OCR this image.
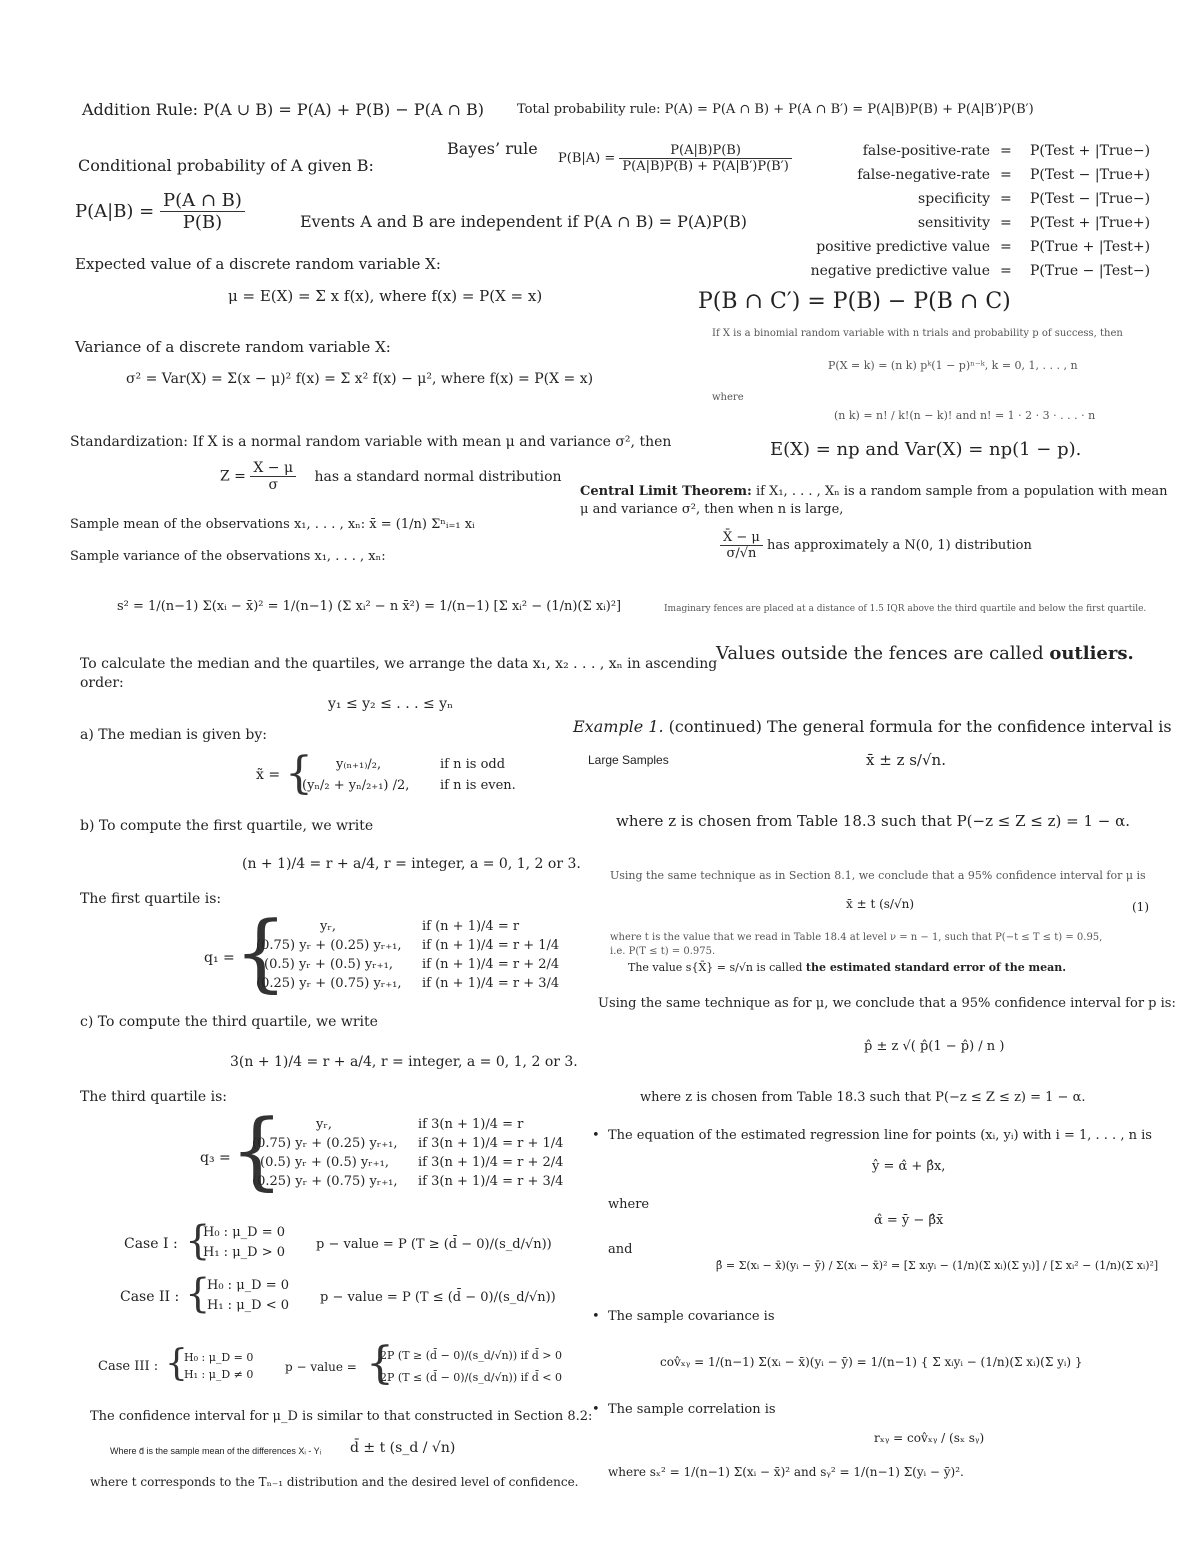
Addition Rule: P(A ∪ B) = P(A) + P(B) − P(A ∩ B)	Total probability rule: P(A) = P(A ∩ B) + P(A ∩ B′) = P(A|B)P(B) + P(A|B′)P(B′)
Bayes’ rule
$P(B|A) = \frac{P(A|B)P(B)}{P(A|B)P(B) + P(A|B')P(B')}$
Conditional probability of A given B:
$P(A|B) = \frac{P(A \cap B)}{P(B)}$	Events A and B are independent if P(A ∩ B) = P(A)P(B)
false-positive-rate = P(Test + |True−)
false-negative-rate = P(Test − |True+)
specificity = P(Test − |True−)
sensitivity = P(Test + |True+)
positive predictive value = P(True + |Test+)
negative predictive value = P(True − |Test−)
Expected value of a discrete random variable X:
μ = E(X) = Σ x f(x), where f(x) = P(X = x)	P(B ∩ C′) = P(B) − P(B ∩ C)
Variance of a discrete random variable X:
σ² = Var(X) = Σ(x − μ)² f(x) = Σ x² f(x) − μ², where f(x) = P(X = x)
If X is a binomial random variable with n trials and probability p of success, then
P(X = k) = (n k) pᵏ(1 − p)ⁿ⁻ᵏ, k = 0, 1, . . . , n
where
(n k) = n! / k!(n − k)! and n! = 1 · 2 · 3 · . . . · n
E(X) = np and Var(X) = np(1 − p).
Standardization: If X is a normal random variable with mean μ and variance σ², then
$Z = \frac{X - \mu}{\sigma}$ has a standard normal distribution
Central Limit Theorem: if X₁, . . . , Xₙ is a random sample from a population with mean
μ and variance σ², then when n is large,
$\frac{X̄ - \mu}{\sigma/√n}$ has approximately a N(0, 1) distribution
Sample mean of the observations x₁, . . . , xₙ: x̄ = (1/n) Σⁿᵢ₌₁ xᵢ
Sample variance of the observations x₁, . . . , xₙ:
s² = 1/(n−1) Σ(xᵢ − x̄)² = 1/(n−1) (Σ xᵢ² − n x̄²) = 1/(n−1) [Σ xᵢ² − (1/n)(Σ xᵢ)²]	Imaginary fences are placed at a distance of 1.5 IQR above the third quartile and below the first quartile.
Values outside the fences are called outliers.
To calculate the median and the quartiles, we arrange the data x₁, x₂ . . . , xₙ in ascending
order:
y₁ ≤ y₂ ≤ . . . ≤ yₙ
a) The median is given by:
x̃ = { y₍ₙ₊₁₎/₂,	if n is odd
(yₙ/₂ + yₙ/₂₊₁) /2, if n is even.
b) To compute the first quartile, we write
(n + 1)/4 = r + a/4, r = integer, a = 0, 1, 2 or 3.
The first quartile is:
q₁ = {	yᵣ,	if (n + 1)/4 = r
(0.75) yᵣ + (0.25) yᵣ₊₁, if (n + 1)/4 = r + 1/4
(0.5) yᵣ + (0.5) yᵣ₊₁, if (n + 1)/4 = r + 2/4
(0.25) yᵣ + (0.75) yᵣ₊₁, if (n + 1)/4 = r + 3/4
c) To compute the third quartile, we write
3(n + 1)/4 = r + a/4, r = integer, a = 0, 1, 2 or 3.
The third quartile is:
q₃ = {	yᵣ,	if 3(n + 1)/4 = r
(0.75) yᵣ + (0.25) yᵣ₊₁, if 3(n + 1)/4 = r + 1/4
(0.5) yᵣ + (0.5) yᵣ₊₁, if 3(n + 1)/4 = r + 2/4
(0.25) yᵣ + (0.75) yᵣ₊₁, if 3(n + 1)/4 = r + 3/4
Case I : {
H₀ : μ_D = 0
H₁ : μ_D > 0
p − value = P (T ≥ (d̄ − 0)/(s_d/√n))
Case II : {
H₀ : μ_D = 0
H₁ : μ_D < 0
p − value = P (T ≤ (d̄ − 0)/(s_d/√n))
Case III : {
H₀ : μ_D = 0
H₁ : μ_D ≠ 0
p − value = {
2P (T ≥ (d̄ − 0)/(s_d/√n)) if d̄ > 0
2P (T ≤ (d̄ − 0)/(s_d/√n)) if d̄ < 0
The confidence interval for μ_D is similar to that constructed in Section 8.2:
Where d̄ is the sample mean of the differences Xᵢ - Yᵢ d̄ ± t (s_d / √n)
where t corresponds to the Tₙ₋₁ distribution and the desired level of confidence.
Example 1. (continued) The general formula for the confidence interval is
Large Samples	x̄ ± z s/√n.
where z is chosen from Table 18.3 such that P(−z ≤ Z ≤ z) = 1 − α.
Using the same technique as in Section 8.1, we conclude that a 95% confidence interval for μ is
x̄ ± t (s/√n)	(1)
where t is the value that we read in Table 18.4 at level ν = n − 1, such that P(−t ≤ T ≤ t) = 0.95,
i.e. P(T ≤ t) = 0.975.
The value s{X̄} = s/√n is called the estimated standard error of the mean.
Using the same technique as for μ, we conclude that a 95% confidence interval for p is:
p̂ ± z √( p̂(1 − p̂) / n )
where z is chosen from Table 18.3 such that P(−z ≤ Z ≤ z) = 1 − α.
•  The equation of the estimated regression line for points (xᵢ, yᵢ) with i = 1, . . . , n is
ŷ = α̂ + β̂x,
where
α̂ = ȳ − β̂x̄
and
β̂ = Σ(xᵢ − x̄)(yᵢ − ȳ) / Σ(xᵢ − x̄)² = [Σ xᵢyᵢ − (1/n)(Σ xᵢ)(Σ yᵢ)] / [Σ xᵢ² − (1/n)(Σ xᵢ)²]
•  The sample covariance is
cov̂ₓᵧ = 1/(n−1) Σ(xᵢ − x̄)(yᵢ − ȳ) = 1/(n−1) { Σ xᵢyᵢ − (1/n)(Σ xᵢ)(Σ yᵢ) }
•  The sample correlation is
rₓᵧ = cov̂ₓᵧ / (sₓ sᵧ)
where sₓ² = 1/(n−1) Σ(xᵢ − x̄)² and sᵧ² = 1/(n−1) Σ(yᵢ − ȳ)².
